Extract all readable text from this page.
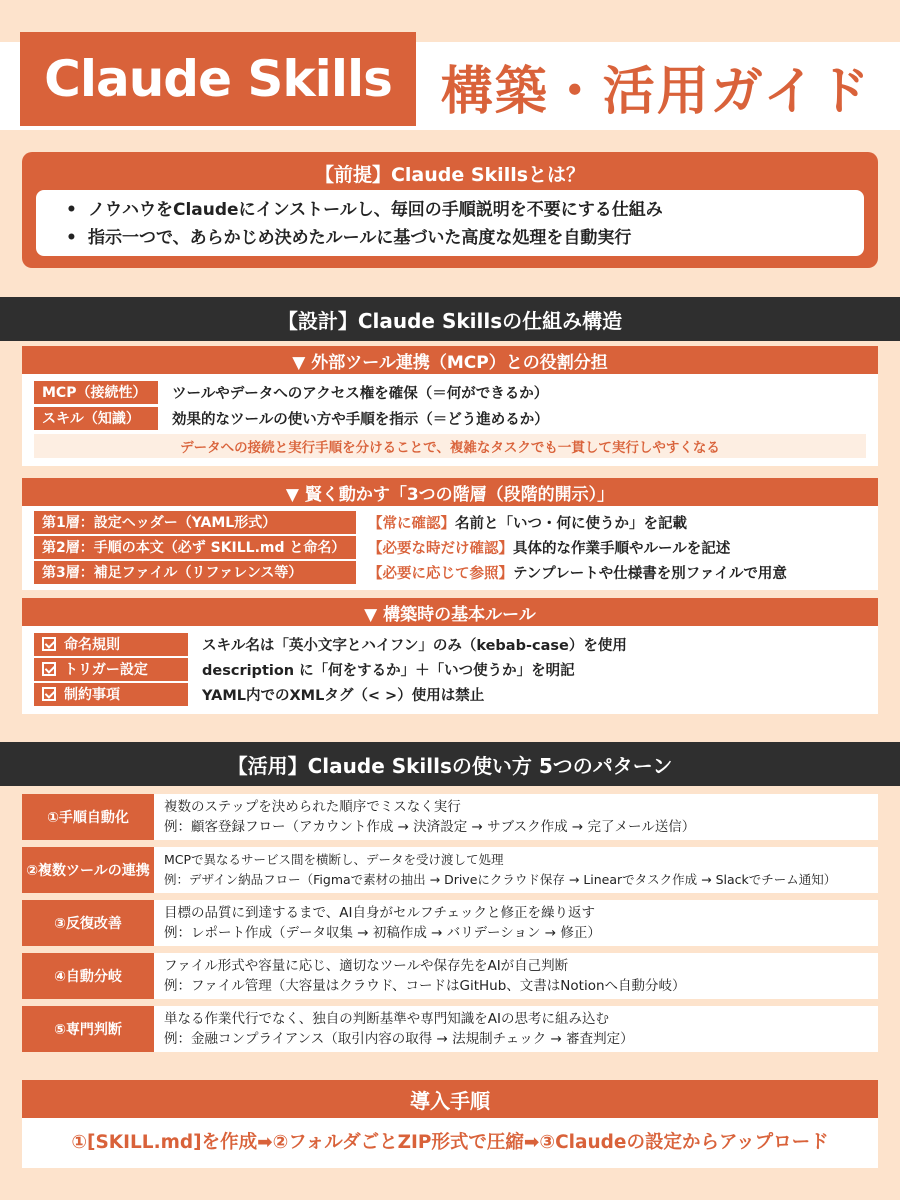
Claude Skills 構築・活用ガイド
【前提】Claude Skillsとは？
• ノウハウをClaudeにインストールし、毎回の手順説明を不要にする仕組み
• 指示一つで、あらかじめ決めたルールに基づいた高度な処理を自動実行
【設計】Claude Skillsの仕組み構造
▼ 外部ツール連携（MCP）との役割分担
MCP（接続性）	ツールやデータへのアクセス権を確保（＝何ができるか）
スキル（知識）	効果的なツールの使い方や手順を指示（＝どう進めるか）
データへの接続と実行手順を分けることで、複雑なタスクでも一貫して実行しやすくなる
▼ 賢く動かす「3つの階層（段階的開示）」
第1層：設定ヘッダー（YAML形式）	【常に確認】名前と「いつ・何に使うか」を記載
第2層：手順の本文（必ず SKILL.md と命名）	【必要な時だけ確認】具体的な作業手順やルールを記述
第3層：補足ファイル（リファレンス等）	【必要に応じて参照】テンプレートや仕様書を別ファイルで用意
▼ 構築時の基本ルール
命名規則	スキル名は「英小文字とハイフン」のみ（kebab-case）を使用
トリガー設定	description に「何をするか」＋「いつ使うか」を明記
制約事項	YAML内でのXMLタグ（< >）使用は禁止
【活用】Claude Skillsの使い方 5つのパターン
①手順自動化
複数のステップを決められた順序でミスなく実行
例：顧客登録フロー（アカウント作成 → 決済設定 → サブスク作成 → 完了メール送信）
②複数ツールの連携
MCPで異なるサービス間を横断し、データを受け渡して処理
例：デザイン納品フロー（Figmaで素材の抽出 → Driveにクラウド保存 → Linearでタスク作成 → Slackでチーム通知）
③反復改善
目標の品質に到達するまで、AI自身がセルフチェックと修正を繰り返す
例：レポート作成（データ収集 → 初稿作成 → バリデーション → 修正）
④自動分岐
ファイル形式や容量に応じ、適切なツールや保存先をAIが自己判断
例：ファイル管理（大容量はクラウド、コードはGitHub、文書はNotionへ自動分岐）
⑤専門判断
単なる作業代行でなく、独自の判断基準や専門知識をAIの思考に組み込む
例：金融コンプライアンス（取引内容の取得 → 法規制チェック → 審査判定）
導入手順
①[SKILL.md]を作成➡②フォルダごとZIP形式で圧縮➡③Claudeの設定からアップロード
